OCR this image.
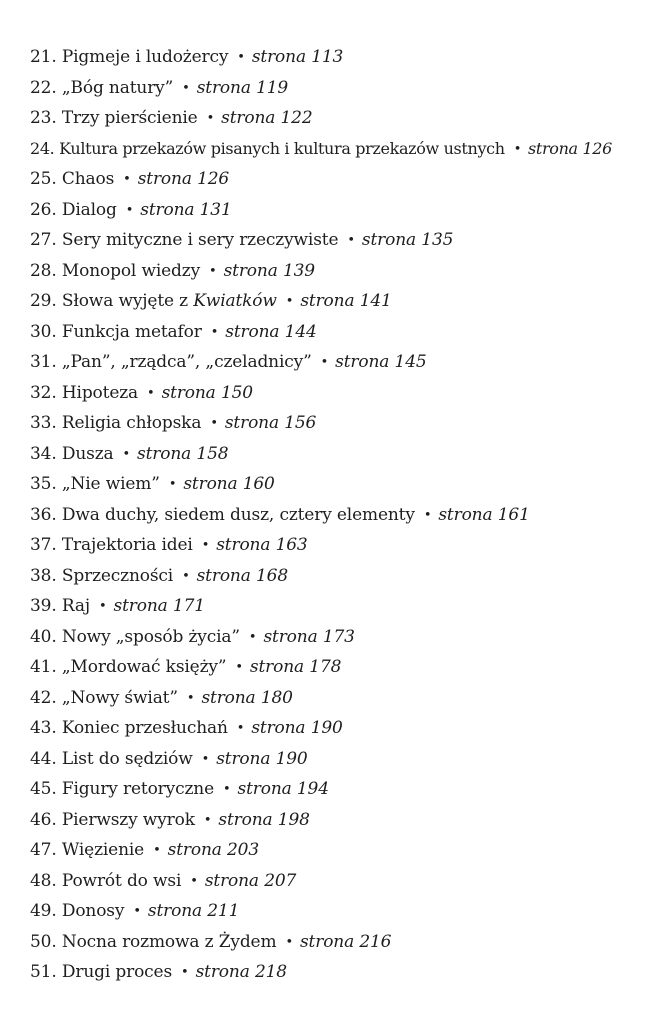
21. Pigmeje i ludożercy • strona 113
22. „Bóg natury” • strona 119
23. Trzy pierścienie • strona 122
24. Kultura przekazów pisanych i kultura przekazów ustnych • strona 126
25. Chaos • strona 126
26. Dialog • strona 131
27. Sery mityczne i sery rzeczywiste • strona 135
28. Monopol wiedzy • strona 139
29. Słowa wyjęte z Kwiatków • strona 141
30. Funkcja metafor • strona 144
31. „Pan”, „rządca”, „czeladnicy” • strona 145
32. Hipoteza • strona 150
33. Religia chłopska • strona 156
34. Dusza • strona 158
35. „Nie wiem” • strona 160
36. Dwa duchy, siedem dusz, cztery elementy • strona 161
37. Trajektoria idei • strona 163
38. Sprzeczności • strona 168
39. Raj • strona 171
40. Nowy „sposób życia” • strona 173
41. „Mordować księży” • strona 178
42. „Nowy świat” • strona 180
43. Koniec przesłuchań • strona 190
44. List do sędziów • strona 190
45. Figury retoryczne • strona 194
46. Pierwszy wyrok • strona 198
47. Więzienie • strona 203
48. Powrót do wsi • strona 207
49. Donosy • strona 211
50. Nocna rozmowa z Żydem • strona 216
51. Drugi proces • strona 218
